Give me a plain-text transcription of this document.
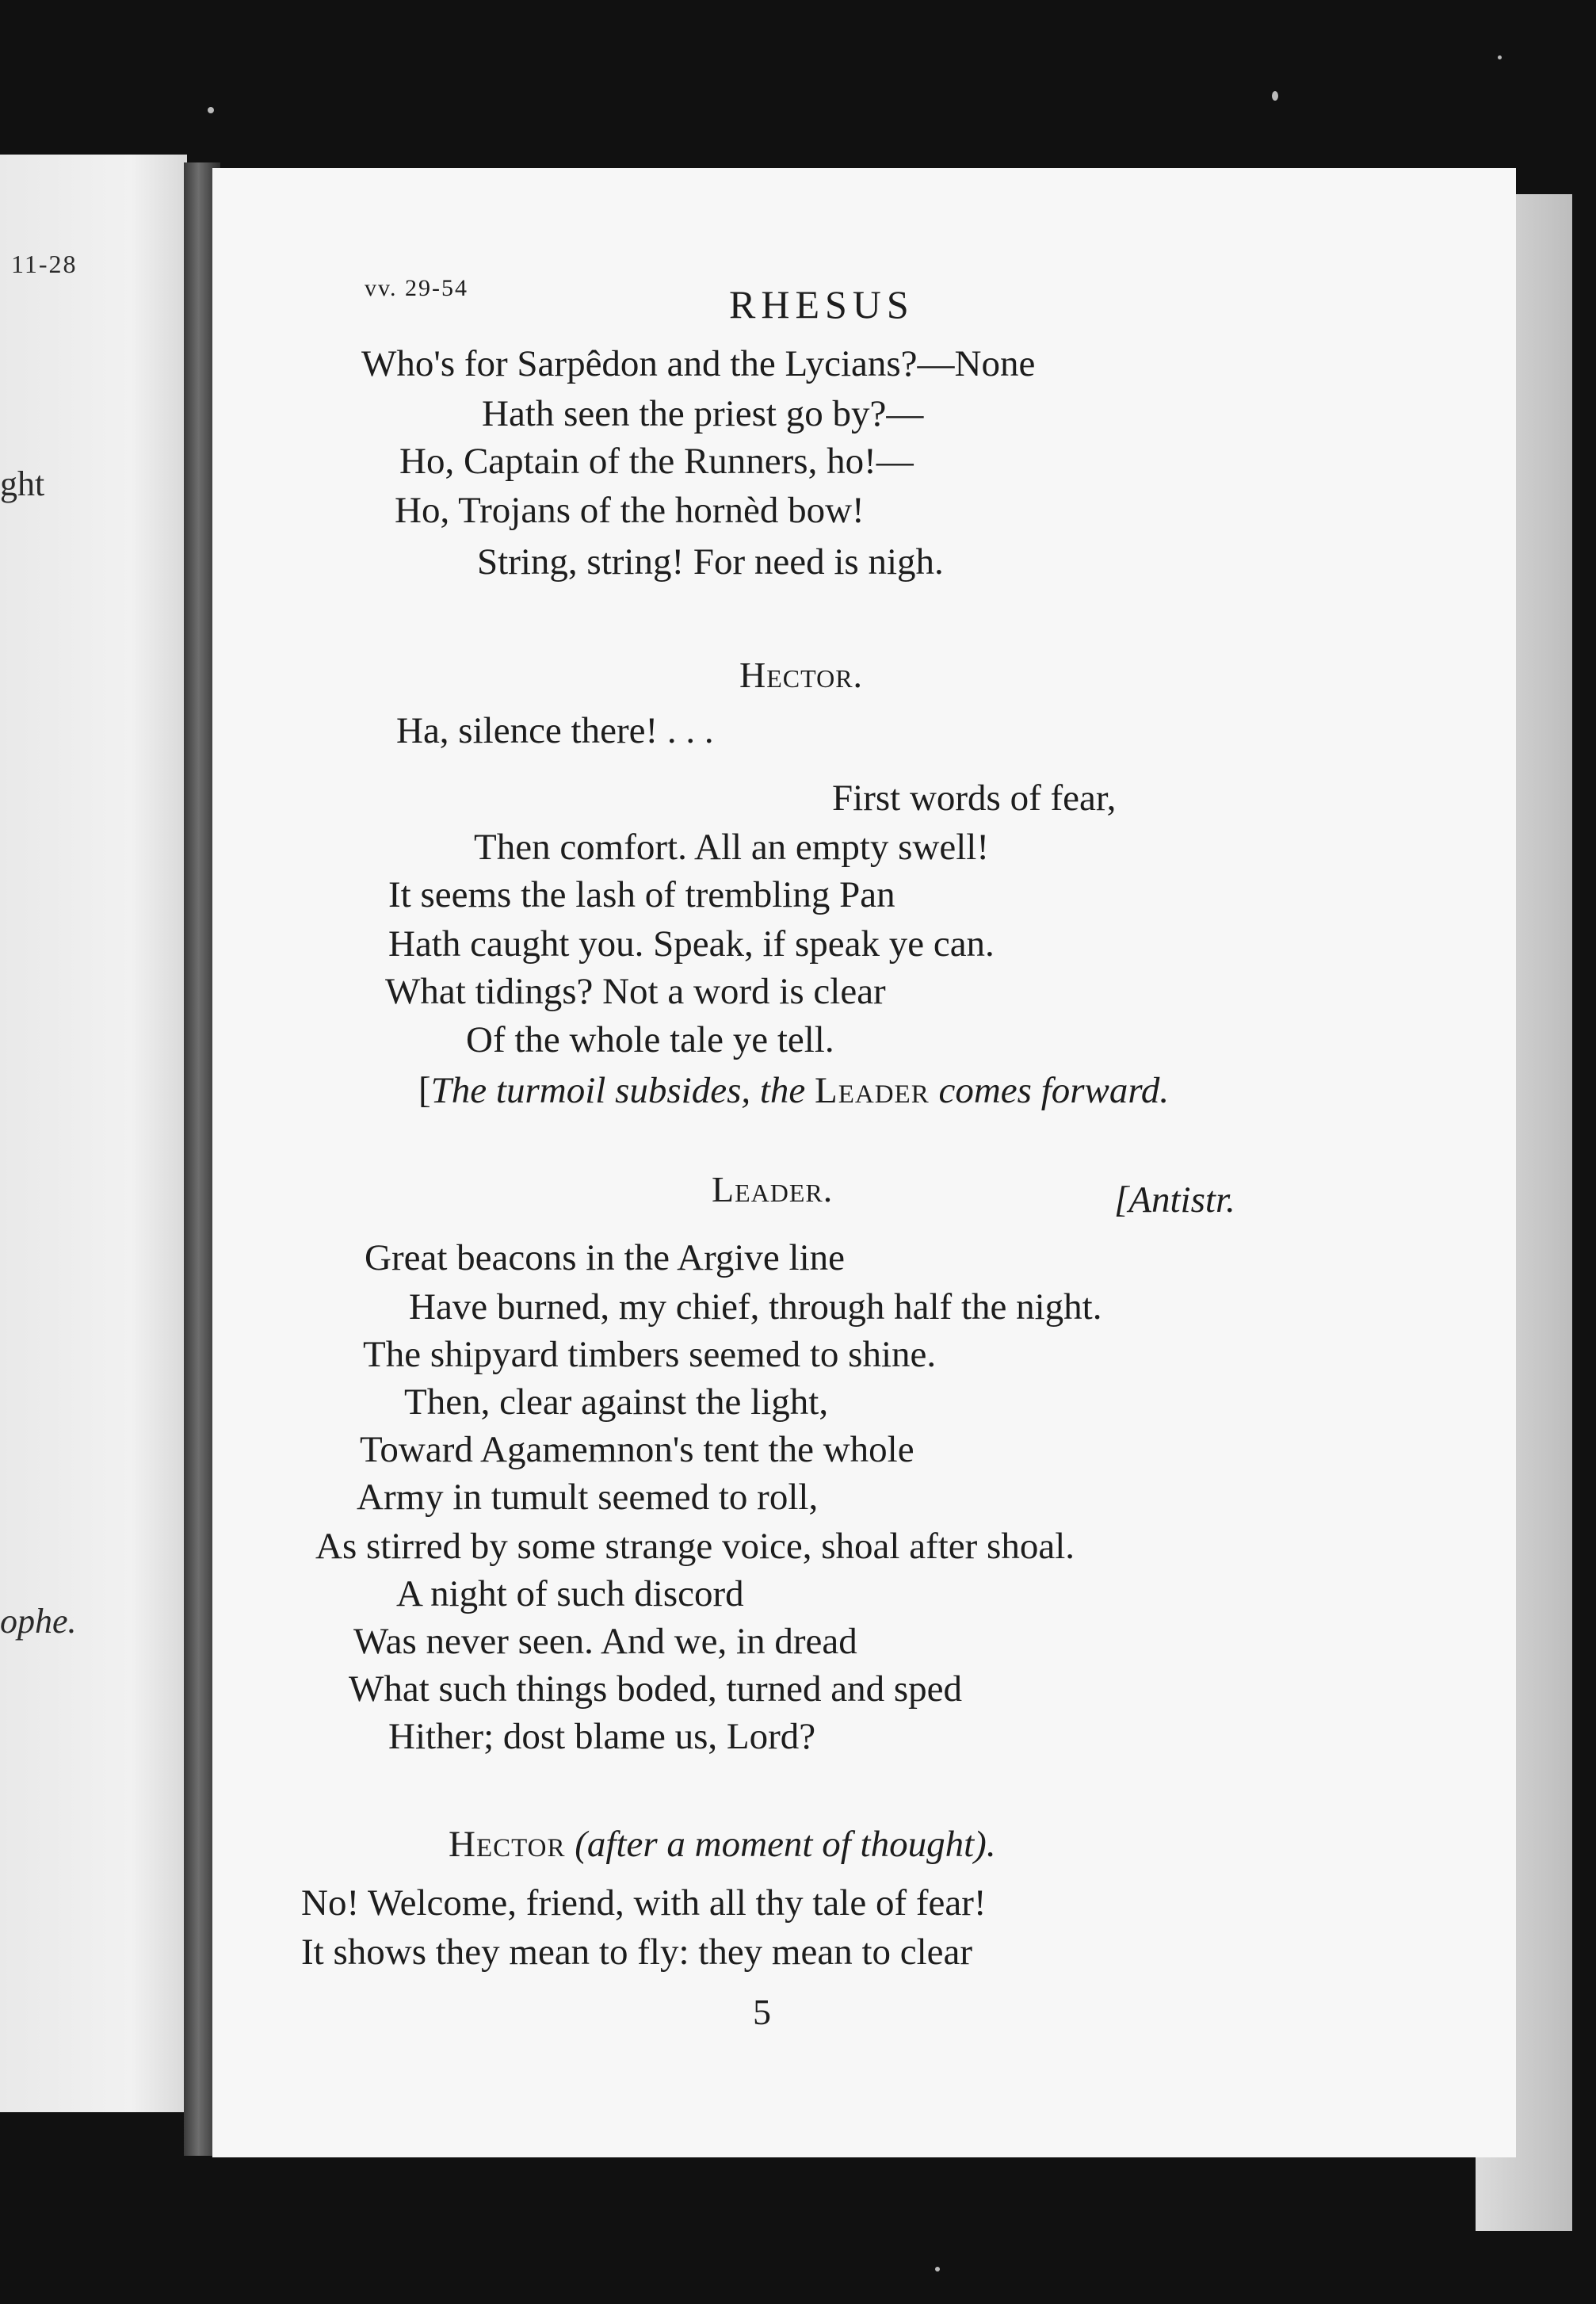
11-28
ght
ophe.
vv. 29-54	RHESUS
Who's for Sarpêdon and the Lycians?—None
Hath seen the priest go by?—
Ho, Captain of the Runners, ho!—
Ho, Trojans of the hornèd bow!
String, string! For need is nigh.
Hector.
Ha, silence there! . . .
First words of fear,
Then comfort. All an empty swell!
It seems the lash of trembling Pan
Hath caught you. Speak, if speak ye can.
What tidings? Not a word is clear
Of the whole tale ye tell.
[The turmoil subsides, the Leader comes forward.
Leader.	[Antistr.
Great beacons in the Argive line
Have burned, my chief, through half the night.
The shipyard timbers seemed to shine.
Then, clear against the light,
Toward Agamemnon's tent the whole
Army in tumult seemed to roll,
As stirred by some strange voice, shoal after shoal.
A night of such discord
Was never seen. And we, in dread
What such things boded, turned and sped
Hither; dost blame us, Lord?
Hector (after a moment of thought).
No! Welcome, friend, with all thy tale of fear!
It shows they mean to fly: they mean to clear
5
